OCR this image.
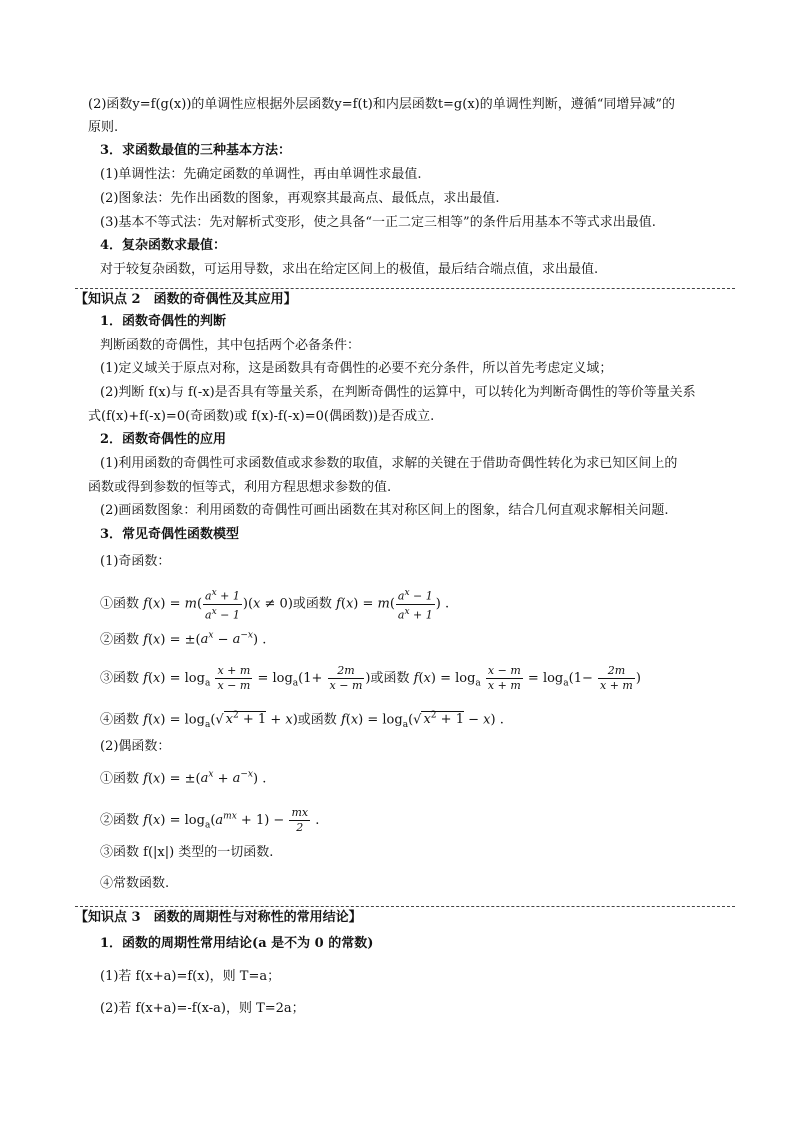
(2)函数y=f(g(x))的单调性应根据外层函数y=f(t)和内层函数t=g(x)的单调性判断，遵循“同增异减”的
原则.
3．求函数最值的三种基本方法：
(1)单调性法：先确定函数的单调性，再由单调性求最值.
(2)图象法：先作出函数的图象，再观察其最高点、最低点，求出最值.
(3)基本不等式法：先对解析式变形，使之具备“一正二定三相等”的条件后用基本不等式求出最值.
4．复杂函数求最值：
对于较复杂函数，可运用导数，求出在给定区间上的极值，最后结合端点值，求出最值.
【知识点 2　函数的奇偶性及其应用】
1．函数奇偶性的判断
判断函数的奇偶性，其中包括两个必备条件：
(1)定义域关于原点对称，这是函数具有奇偶性的必要不充分条件，所以首先考虑定义域；
(2)判断 f(x)与 f(-x)是否具有等量关系，在判断奇偶性的运算中，可以转化为判断奇偶性的等价等量关系
式(f(x)+f(-x)=0(奇函数)或 f(x)-f(-x)=0(偶函数))是否成立.
2．函数奇偶性的应用
(1)利用函数的奇偶性可求函数值或求参数的取值，求解的关键在于借助奇偶性转化为求已知区间上的
函数或得到参数的恒等式，利用方程思想求参数的值.
(2)画函数图象：利用函数的奇偶性可画出函数在其对称区间上的图象，结合几何直观求解相关问题.
3．常见奇偶性函数模型
(1)奇函数：
①函数 $f(x) = m( \frac{a^x + 1}{a^x - 1} )(x \ne 0)$或函数 $f(x) = m( \frac{a^x - 1}{a^x + 1}$ ) .
②函数 $f(x) = \pm(a^x - a^{-x})$ .
③函数 $f(x) = \log_a \frac{x + m}{x - m} = \log_a(1+ \frac{2m}{x - m}$ )或函数 $f(x) = \log_a \frac{x - m}{x + m} = \log_a(1- \frac{2m}{x + m}$ )
④函数 $f(x) = \log_a(√$ $x^2 + 1 + x$)或函数 $f(x) = \log_a(√$ $x^2 + 1 - x$) .
(2)偶函数：
①函数 $f(x) = \pm(a^x + a^{-x})$ .
②函数 $f(x) = \log_a(a^{mx} + 1) - \frac{mx}{2}$ .
③函数 f(|x|) 类型的一切函数.
④常数函数.
【知识点 3　函数的周期性与对称性的常用结论】
1．函数的周期性常用结论(a 是不为 0 的常数)
(1)若 f(x+a)=f(x)，则 T=a；
(2)若 f(x+a)=-f(x-a)，则 T=2a；
